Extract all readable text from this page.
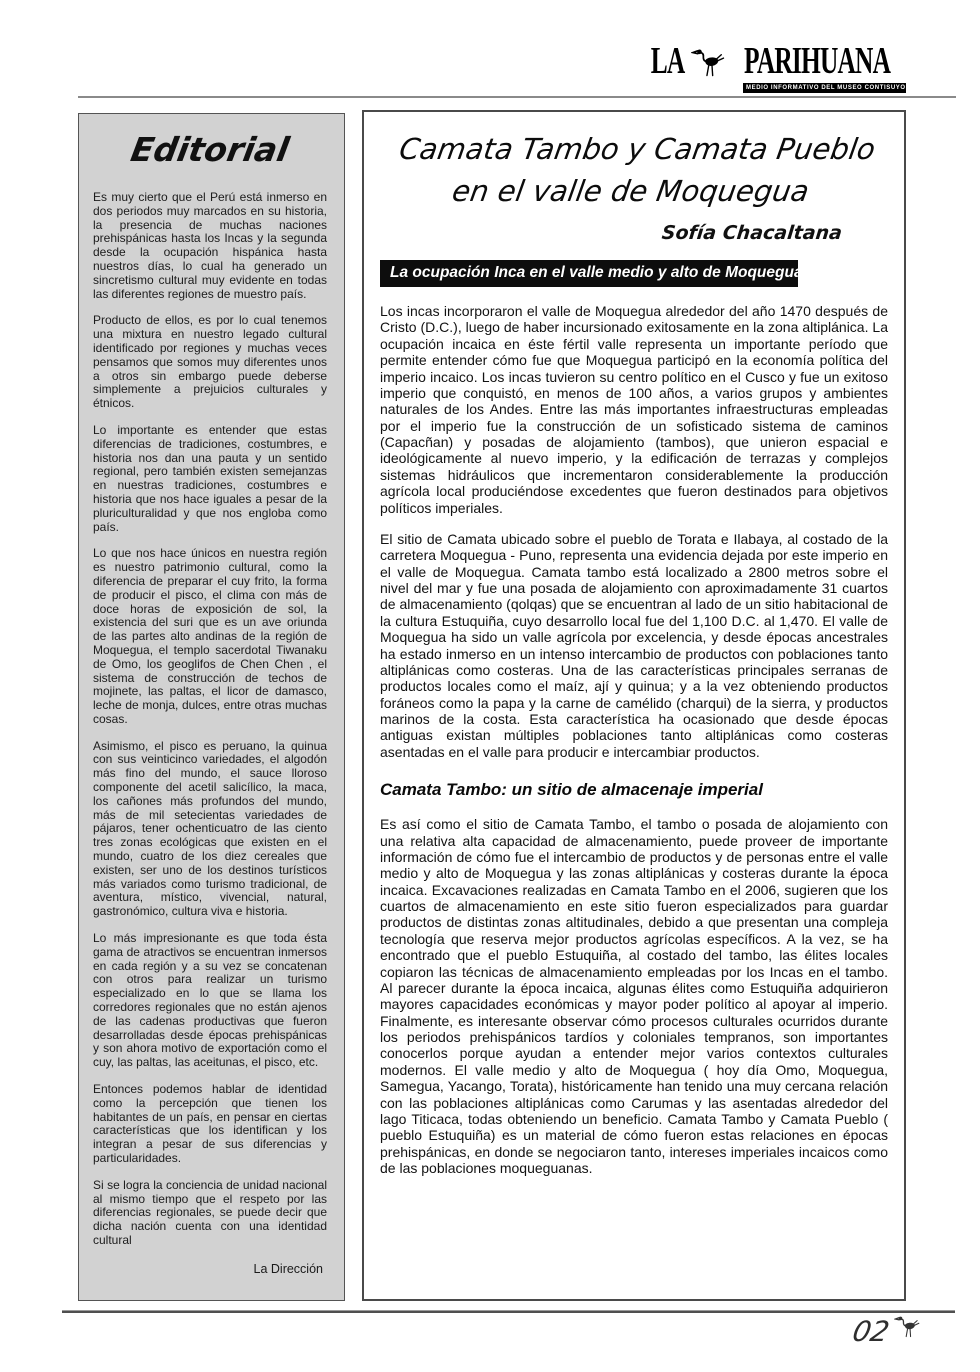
LA PARIHUANA
MEDIO INFORMATIVO DEL MUSEO CONTISUYO
Editorial

Es muy cierto que el Perú está inmerso en dos periodos muy marcados en su historia, la presencia de muchas naciones prehispánicas hasta los Incas y la segunda desde la ocupación hispánica hasta nuestros días, lo cual ha generado un sincretismo cultural muy evidente en todas las diferentes regiones de muestro país.

Producto de ellos, es por lo cual tenemos una mixtura en nuestro legado cultural identificado por regiones y muchas veces pensamos que somos muy diferentes unos a otros sin embargo puede deberse simplemente a prejuicios culturales y étnicos.

Lo importante es entender que estas diferencias de tradiciones, costumbres, e historia nos dan una pauta y un sentido regional, pero también existen semejanzas en nuestras tradiciones, costumbres e historia que nos hace iguales a pesar de la pluriculturalidad y que nos engloba como país.

Lo que nos hace únicos en nuestra región es nuestro patrimonio cultural, como la diferencia de preparar el cuy frito, la forma de producir el pisco, el clima con más de doce horas de exposición de sol, la existencia del suri que es un ave oriunda de las partes alto andinas de la región de Moquegua, el templo sacerdotal Tiwanaku de Omo, los geoglifos de Chen Chen , el sistema de construcción de techos de mojinete, las paltas, el licor de damasco, leche de monja, dulces, entre otras muchas cosas.

Asimismo, el pisco es peruano, la quinua con sus veinticinco variedades, el algodón más fino del mundo, el sauce lloroso componente del acetil salicílico, la maca, los cañones más profundos del mundo, más de mil setecientas variedades de pájaros, tener ochenticuatro de las ciento tres zonas ecológicas que existen en el mundo, cuatro de los diez cereales que existen, ser uno de los destinos turísticos más variados como turismo tradicional, de aventura, místico, vivencial, natural, gastronómico, cultura viva e historia.

Lo más impresionante es que toda ésta gama de atractivos se encuentran inmersos en cada región y a su vez se concatenan con otros para realizar un turismo especializado en lo que se llama los corredores regionales que no están ajenos de las cadenas productivas que fueron desarrolladas desde épocas prehispánicas y son ahora motivo de exportación como el cuy, las paltas, las aceitunas, el pisco, etc.

Entonces podemos hablar de identidad como la percepción que tienen los habitantes de un país, en pensar en ciertas características que los identifican y los integran a pesar de sus diferencias y particularidades.

Si se logra la conciencia de unidad nacional al mismo tiempo que el respeto por las diferencias regionales, se puede decir que dicha nación cuenta con una identidad cultural

La Dirección
Camata Tambo y Camata Pueblo
en el valle de Moquegua
Sofía Chacaltana
La ocupación Inca en el valle medio y alto de Moquegua

Los incas incorporaron el valle de Moquegua alrededor del año 1470 después de Cristo (D.C.), luego de haber incursionado exitosamente en la zona altiplánica. La ocupación incaica en éste fértil valle representa un importante período que permite entender cómo fue que Moquegua participó en la economía política del imperio incaico. Los incas tuvieron su centro político en el Cusco y fue un exitoso imperio que conquistó, en menos de 100 años, a varios grupos y ambientes naturales de los Andes. Entre las más importantes infraestructuras empleadas por el imperio fue la construcción de un sofisticado sistema de caminos (Capacñan) y posadas de alojamiento (tambos), que unieron espacial e ideológicamente al nuevo imperio, y la edificación de terrazas y complejos sistemas hidráulicos que incrementaron considerablemente la producción agrícola local produciéndose excedentes que fueron destinados para objetivos políticos imperiales.

El sitio de Camata ubicado sobre el pueblo de Torata e Ilabaya, al costado de la carretera Moquegua - Puno, representa una evidencia dejada por este imperio en el valle de Moquegua. Camata tambo está localizado a 2800 metros sobre el nivel del mar y fue una posada de alojamiento con aproximadamente 31 cuartos de almacenamiento (qolqas) que se encuentran al lado de un sitio habitacional de la cultura Estuquiña, cuyo desarrollo local fue del 1,100 D.C. al 1,470. El valle de Moquegua ha sido un valle agrícola por excelencia, y desde épocas ancestrales ha estado inmerso en un intenso intercambio de productos con poblaciones tanto altiplánicas como costeras. Una de las características principales serranas de productos locales como el maíz, ají y quinua; y a la vez obteniendo productos foráneos como la papa y la carne de camélido (charqui) de la sierra, y productos marinos de la costa. Esta característica ha ocasionado que desde épocas antiguas existan múltiples poblaciones tanto altiplánicas como costeras asentadas en el valle para producir e intercambiar productos.

Camata Tambo: un sitio de almacenaje imperial

Es así como el sitio de Camata Tambo, el tambo o posada de alojamiento con una relativa alta capacidad de almacenamiento, puede proveer de importante información de cómo fue el intercambio de productos y de personas entre el valle medio y alto de Moquegua y las zonas altiplánicas y costeras durante la época incaica. Excavaciones realizadas en Camata Tambo en el 2006, sugieren que los cuartos de almacenamiento en este sitio fueron especializados para guardar productos de distintas zonas altitudinales, debido a que presentan una compleja tecnología que reserva mejor productos agrícolas específicos. A la vez, se ha encontrado que el pueblo Estuquiña, al costado del tambo, las élites locales copiaron las técnicas de almacenamiento empleadas por los Incas en el tambo. Al parecer durante la época incaica, algunas élites como Estuquiña adquirieron mayores capacidades económicas y mayor poder político al apoyar al imperio. Finalmente, es interesante observar cómo procesos culturales ocurridos durante los periodos prehispánicos tardíos y coloniales tempranos, son importantes conocerlos porque ayudan a entender mejor varios contextos culturales modernos. El valle medio y alto de Moquegua ( hoy día Omo, Moquegua, Samegua, Yacango, Torata), históricamente han tenido una muy cercana relación con las poblaciones altiplánicas como Carumas y las asentadas alrededor del lago Titicaca, todas obteniendo un beneficio. Camata Tambo y Camata Pueblo ( pueblo Estuquiña) es un material de cómo fueron estas relaciones en épocas prehispánicas, en donde se negociaron tanto, intereses imperiales incaicos como de las poblaciones moqueguanas.

02
